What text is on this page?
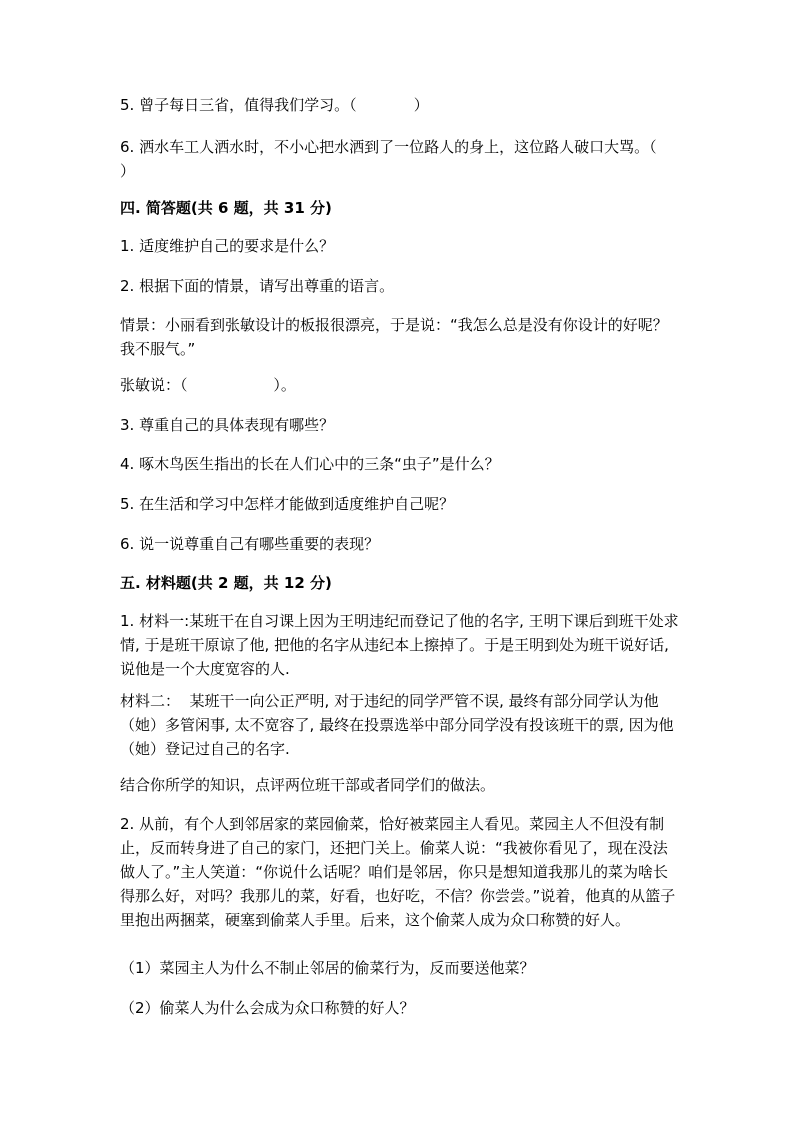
5. 曾子每日三省，值得我们学习。（            ）

6. 洒水车工人洒水时，不小心把水洒到了一位路人的身上，这位路人破口大骂。（        ）

四. 简答题(共 6 题，共 31 分)

1. 适度维护自己的要求是什么？

2. 根据下面的情景，请写出尊重的语言。

情景：小丽看到张敏设计的板报很漂亮，于是说：“我怎么总是没有你设计的好呢？我不服气。”

张敏说：（                  ）。

3. 尊重自己的具体表现有哪些？

4. 啄木鸟医生指出的长在人们心中的三条“虫子”是什么？

5. 在生活和学习中怎样才能做到适度维护自己呢？

6. 说一说尊重自己有哪些重要的表现？

五. 材料题(共 2 题，共 12 分)

1. 材料一:某班干在自习课上因为王明违纪而登记了他的名字, 王明下课后到班干处求情, 于是班干原谅了他, 把他的名字从违纪本上擦掉了。于是王明到处为班干说好话, 说他是一个大度宽容的人.

材料二：  某班干一向公正严明, 对于违纪的同学严管不误, 最终有部分同学认为他（她）多管闲事, 太不宽容了, 最终在投票选举中部分同学没有投该班干的票, 因为他（她）登记过自己的名字.

结合你所学的知识，点评两位班干部或者同学们的做法。

2. 从前，有个人到邻居家的菜园偷菜，恰好被菜园主人看见。菜园主人不但没有制止，反而转身进了自己的家门，还把门关上。偷菜人说：“我被你看见了，现在没法做人了。”主人笑道：“你说什么话呢？咱们是邻居，你只是想知道我那儿的菜为啥长得那么好，对吗？我那儿的菜，好看，也好吃，不信？你尝尝。”说着，他真的从篮子里抱出两捆菜，硬塞到偷菜人手里。后来，这个偷菜人成为众口称赞的好人。

（1）菜园主人为什么不制止邻居的偷菜行为，反而要送他菜？

（2）偷菜人为什么会成为众口称赞的好人？
